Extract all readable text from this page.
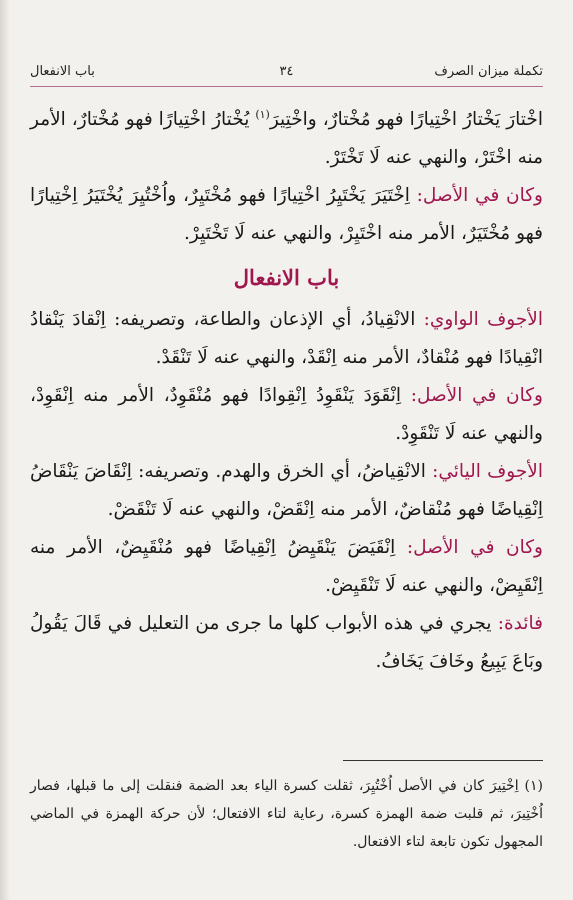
تكملة ميزان الصرف
٣٤
باب الانفعال

اخْتارَ يَخْتارُ اخْتِيارًا فهو مُخْتارٌ، واخْتِيرَ$^{(١)}$ يُخْتارُ اخْتِيارًا فهو مُخْتارٌ، الأمر منه اخْتَرْ، والنهي عنه لَا تَخْتَرْ.

وكان في الأصل: اِخْتَيَرَ يَخْتَيِرُ اخْتِيارًا فهو مُخْتَيِرٌ، واُخْتُيِرَ يُخْتَيَرُ اِخْتِيارًا فهو مُخْتَيَرٌ، الأمر منه اخْتَيِرْ، والنهي عنه لَا تَخْتَيِرْ.

باب الانفعال

الأجوف الواوي: الانْقِيادُ، أي الإذعان والطاعة، وتصريفه: اِنْقادَ يَنْقادُ انْقِيادًا فهو مُنْقادٌ، الأمر منه اِنْقَدْ، والنهي عنه لَا تَنْقَدْ.

وكان في الأصل: اِنْقَوَدَ يَنْقَوِدُ اِنْقِوادًا فهو مُنْقَوِدٌ، الأمر منه اِنْقَوِدْ، والنهي عنه لَا تَنْقَوِدْ.

الأجوف اليائي: الانْقِياضُ، أي الخرق والهدم. وتصريفه: اِنْقَاضَ يَنْقَاضُ اِنْقِياضًا فهو مُنْقاضٌ، الأمر منه اِنْقَضْ، والنهي عنه لَا تَنْقَضْ.

وكان في الأصل: اِنْقَيَضَ يَنْقَيِضُ اِنْقِياضًا فهو مُنْقَيِضٌ، الأمر منه اِنْقَيِضْ، والنهي عنه لَا تَنْقَيِضْ.

فائدة: يجري في هذه الأبواب كلها ما جرى من التعليل في قَالَ يَقُولُ وبَاعَ يَبِيعُ وخَافَ يَخَافُ.

(١) اِخْتِيرَ كان في الأصل اُخْتُيِرَ، ثقلت كسرة الياء بعد الضمة فنقلت إلى ما قبلها، فصار اُخْتِيرَ، ثم قلبت ضمة الهمزة كسرة، رعاية لتاء الافتعال؛ لأن حركة الهمزة في الماضي المجهول تكون تابعة لتاء الافتعال.
